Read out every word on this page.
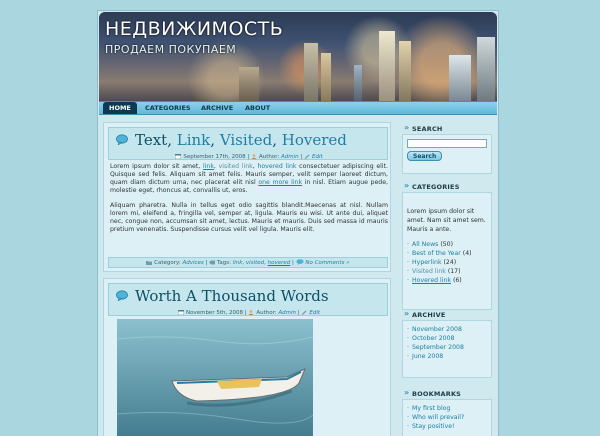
НЕДВИЖИМОСТЬ
ПРОДАЕМ ПОКУПАЕМ
HOME	CATEGORIES	ARCHIVE	ABOUT
Text, Link, Visited, Hovered
September 17th, 2008 | Author: Admin | Edit
Lorem ipsum dolor sit amet, link, visited link, hovered link consectetuer adipiscing elit. Quisque sed felis. Aliquam sit amet felis. Mauris semper, velit semper laoreet dictum, quam diam dictum urna, nec placerat elit nisl one more link in nisl. Etiam augue pede, molestie eget, rhoncus at, convallis ut, eros.
Aliquam pharetra. Nulla in tellus eget odio sagittis blandit.Maecenas at nisl. Nullam lorem mi, eleifend a, fringilla vel, semper at, ligula. Mauris eu wisi. Ut ante dui, aliquet nec, congue non, accumsan sit amet, lectus. Mauris et mauris. Duis sed massa id mauris pretium venenatis. Suspendisse cursus velit vel ligula. Mauris elit.
Category: Advices |  Tags: link, visited, hovered |  No Comments »
Worth A Thousand Words
November 5th, 2008 | Author: Admin | Edit
» SEARCH
Search
» CATEGORIES
Lorem ipsum dolor sit amet. Nam sit amet sem. Mauris a ante.
· All News (50)
· Best of the Year (4)
· Hyperlink (24)
· Visited link (17)
· Hovered link (6)
» ARCHIVE
· November 2008
· October 2008
· September 2008
· June 2008
» BOOKMARKS
· My first blog
· Who will prevail?
· Stay positive!
